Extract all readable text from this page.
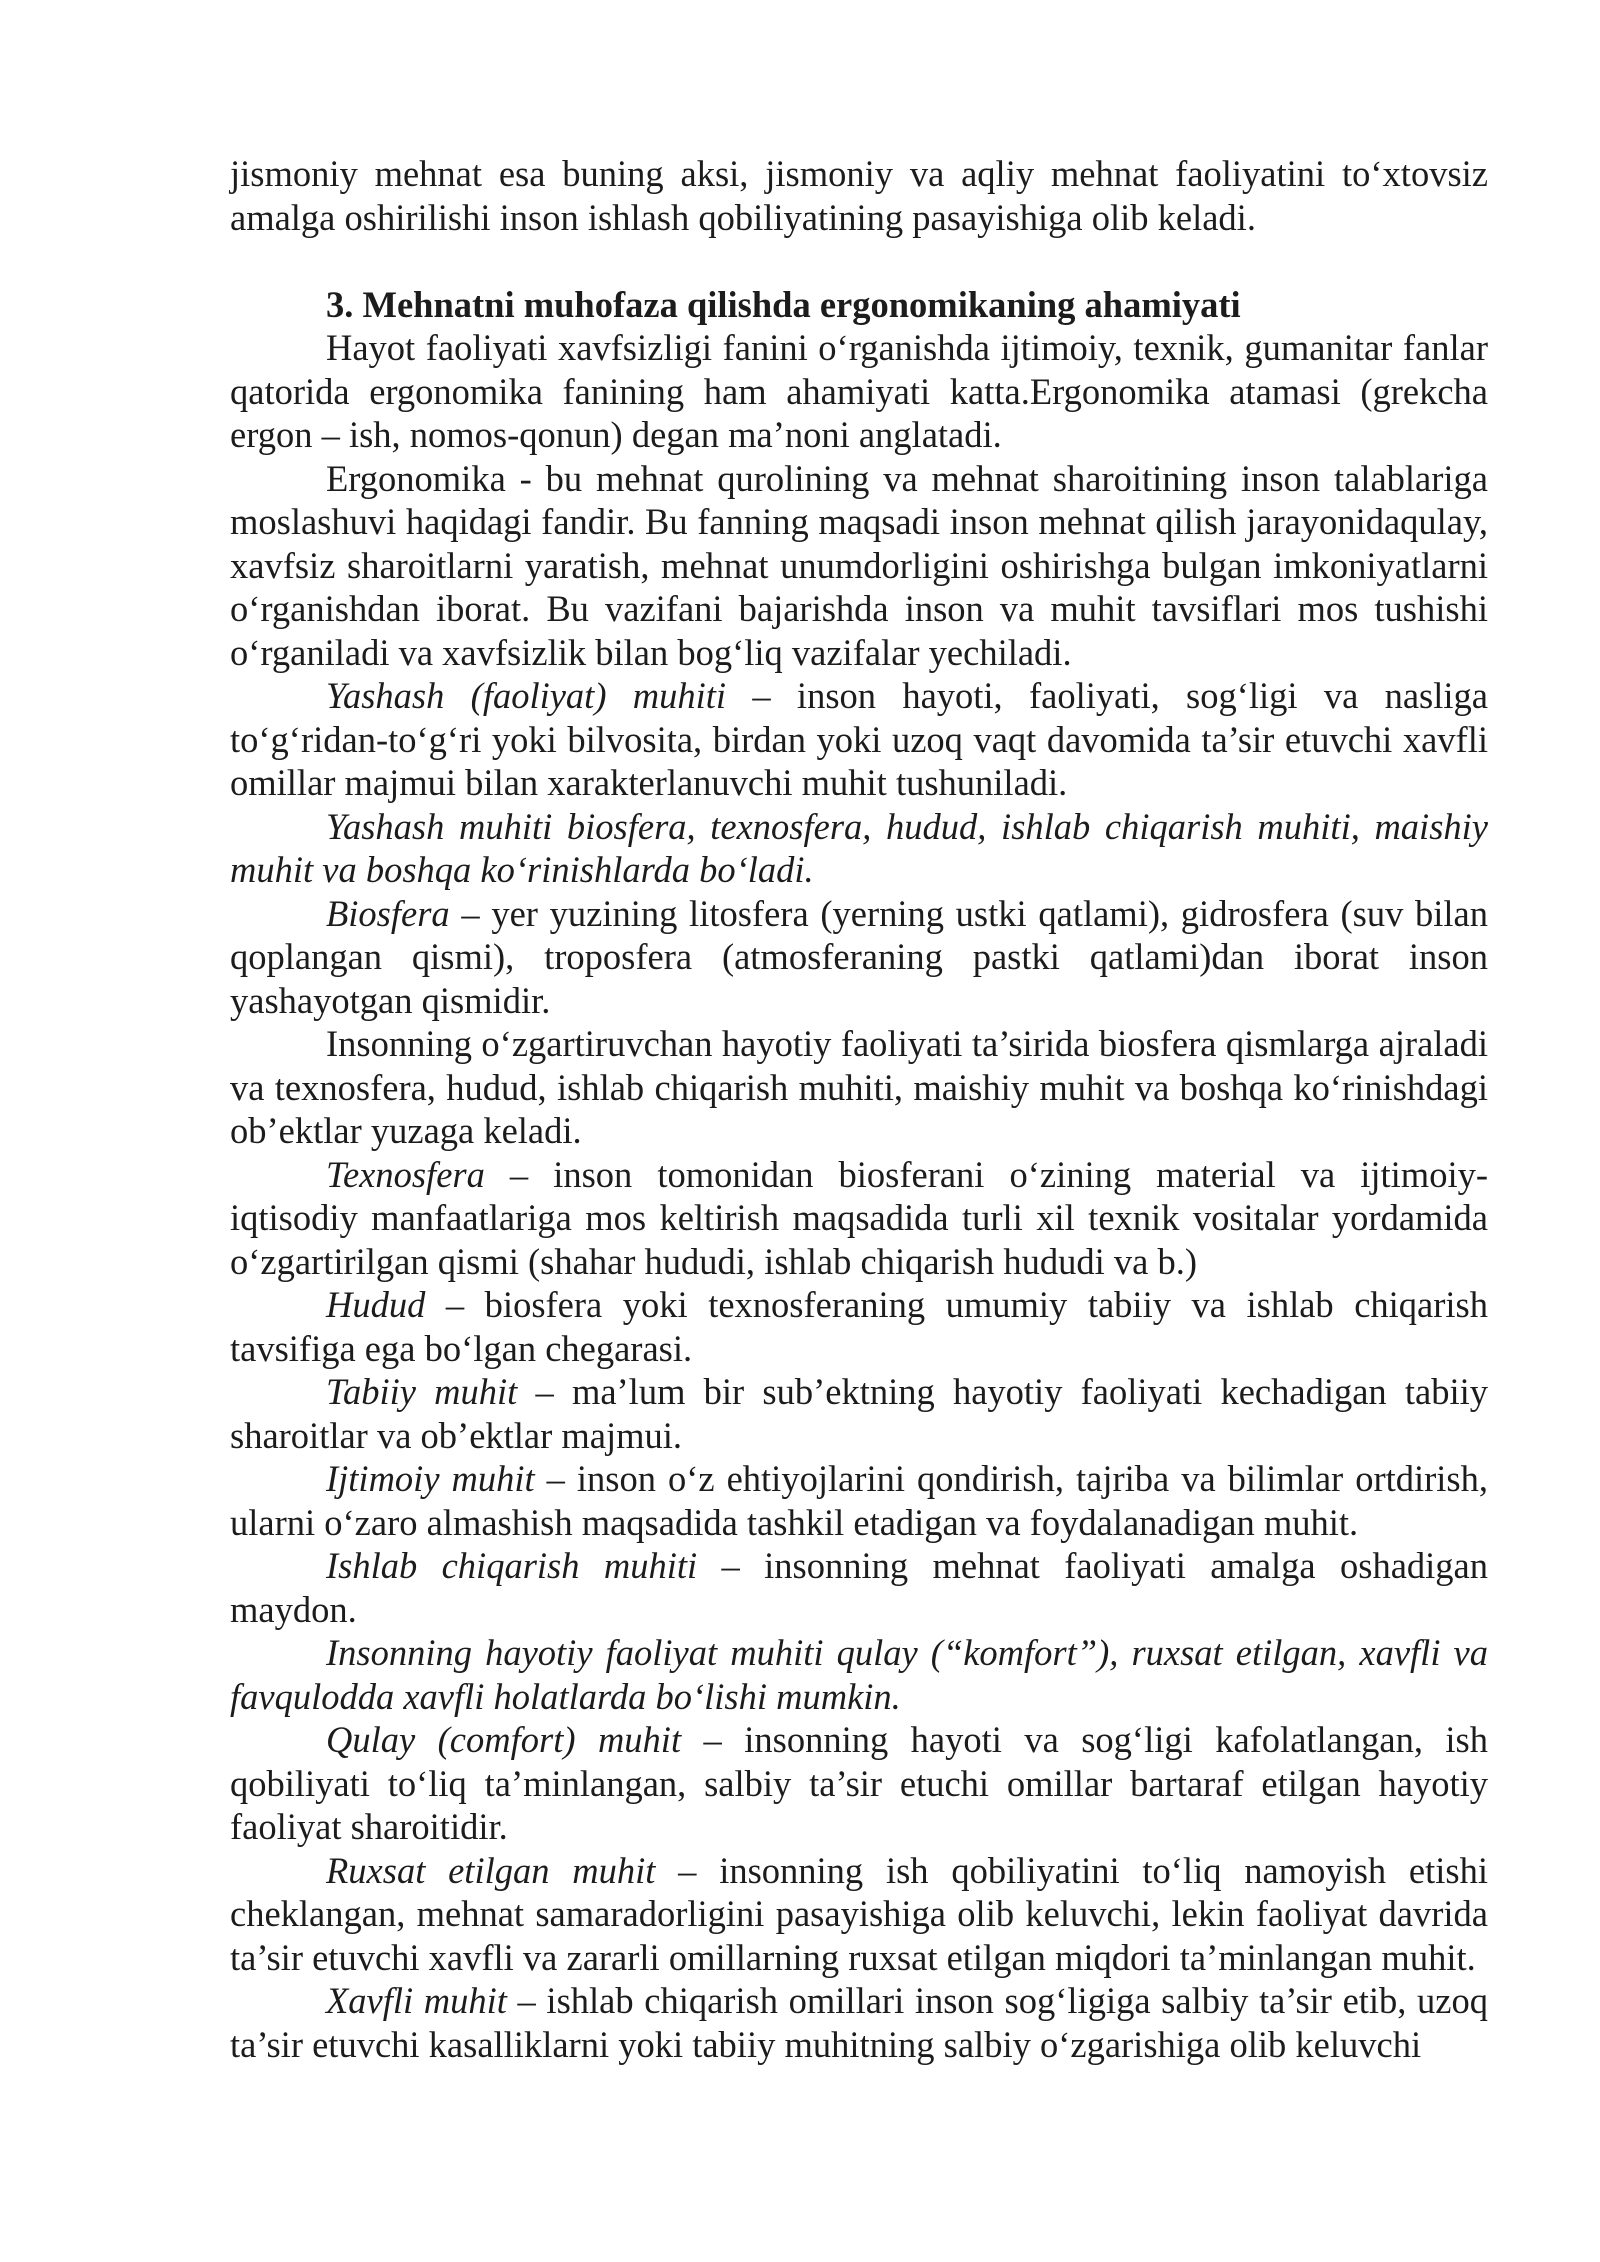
jismoniy mehnat esa buning aksi, jismoniy va aqliy mehnat faoliyatini to‘xtovsiz amalga oshirilishi inson ishlash qobiliyatining pasayishiga olib keladi.

3. Mehnatni muhofaza qilishda ergonomikaning ahamiyati

Hayot faoliyati xavfsizligi fanini o‘rganishda ijtimoiy, texnik, gumanitar fanlar qatorida ergonomika fanining ham ahamiyati katta.Ergonomika atamasi (grekcha ergon – ish, nomos-qonun) degan ma’noni anglatadi.

Ergonomika - bu mehnat qurolining va mehnat sharoitining inson talablariga moslashuvi haqidagi fandir. Bu fanning maqsadi inson mehnat qilish jarayonidaqulay, xavfsiz sharoitlarni yaratish, mehnat unumdorligini oshirishga bulgan imkoniyatlarni o‘rganishdan iborat. Bu vazifani bajarishda inson va muhit tavsiflari mos tushishi o‘rganiladi va xavfsizlik bilan bog‘liq vazifalar yechiladi.

Yashash (faoliyat) muhiti – inson hayoti, faoliyati, sog‘ligi va nasliga to‘g‘ridan-to‘g‘ri yoki bilvosita, birdan yoki uzoq vaqt davomida ta’sir etuvchi xavfli omillar majmui bilan xarakterlanuvchi muhit tushuniladi.

Yashash muhiti biosfera, texnosfera, hudud, ishlab chiqarish muhiti, maishiy muhit va boshqa ko‘rinishlarda bo‘ladi.

Biosfera – yer yuzining litosfera (yerning ustki qatlami), gidrosfera (suv bilan qoplangan qismi), troposfera (atmosferaning pastki qatlami)dan iborat inson yashayotgan qismidir.

Insonning o‘zgartiruvchan hayotiy faoliyati ta’sirida biosfera qismlarga ajraladi va texnosfera, hudud, ishlab chiqarish muhiti, maishiy muhit va boshqa ko‘rinishdagi ob’ektlar yuzaga keladi.

Texnosfera – inson tomonidan biosferani o‘zining material va ijtimoiy-iqtisodiy manfaatlariga mos keltirish maqsadida turli xil texnik vositalar yordamida o‘zgartirilgan qismi (shahar hududi, ishlab chiqarish hududi va b.)

Hudud – biosfera yoki texnosferaning umumiy tabiiy va ishlab chiqarish tavsifiga ega bo‘lgan chegarasi.

Tabiiy muhit – ma’lum bir sub’ektning hayotiy faoliyati kechadigan tabiiy sharoitlar va ob’ektlar majmui.

Ijtimoiy muhit – inson o‘z ehtiyojlarini qondirish, tajriba va bilimlar ortdirish, ularni o‘zaro almashish maqsadida tashkil etadigan va foydalanadigan muhit.

Ishlab chiqarish muhiti – insonning mehnat faoliyati amalga oshadigan maydon.

Insonning hayotiy faoliyat muhiti qulay (“komfort”), ruxsat etilgan, xavfli va favqulodda xavfli holatlarda bo‘lishi mumkin.

Qulay (comfort) muhit – insonning hayoti va sog‘ligi kafolatlangan, ish qobiliyati to‘liq ta’minlangan, salbiy ta’sir etuchi omillar bartaraf etilgan hayotiy faoliyat sharoitidir.

Ruxsat etilgan muhit – insonning ish qobiliyatini to‘liq namoyish etishi cheklangan, mehnat samaradorligini pasayishiga olib keluvchi, lekin faoliyat davrida ta’sir etuvchi xavfli va zararli omillarning ruxsat etilgan miqdori ta’minlangan muhit.

Xavfli muhit – ishlab chiqarish omillari inson sog‘ligiga salbiy ta’sir etib, uzoq ta’sir etuvchi kasalliklarni yoki tabiiy muhitning salbiy o‘zgarishiga olib keluvchi
